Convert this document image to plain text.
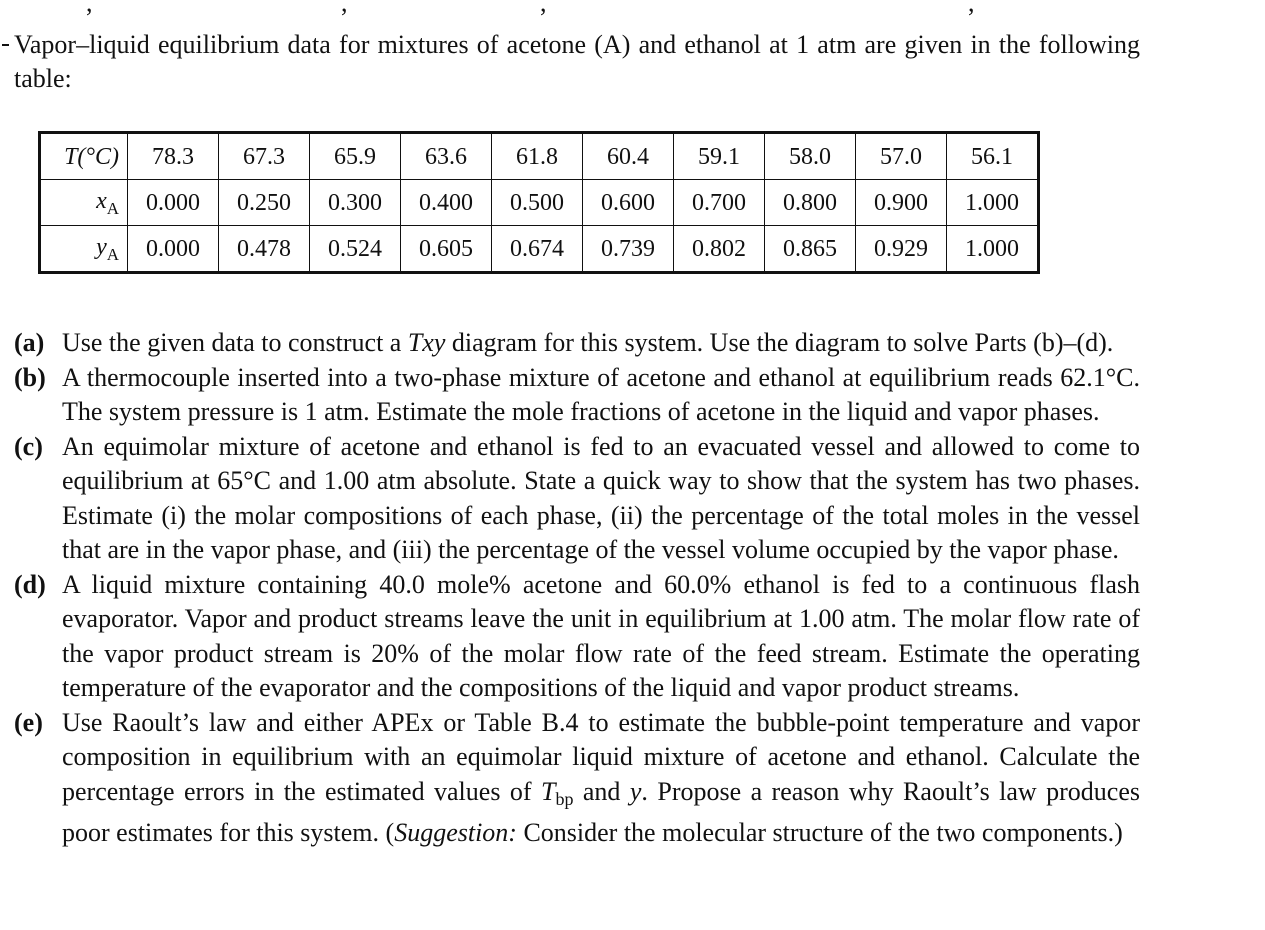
,	,	,	,

Vapor–liquid equilibrium data for mixtures of acetone (A) and ethanol at 1 atm are given in the following table:

T(°C)	78.3	67.3	65.9	63.6	61.8	60.4	59.1	58.0	57.0	56.1
$x_A$	0.000	0.250	0.300	0.400	0.500	0.600	0.700	0.800	0.900	1.000
$y_A$	0.000	0.478	0.524	0.605	0.674	0.739	0.802	0.865	0.929	1.000
(a) Use the given data to construct a Txy diagram for this system. Use the diagram to solve Parts (b)–(d).
(b) A thermocouple inserted into a two-phase mixture of acetone and ethanol at equilibrium reads 62.1°C. The system pressure is 1 atm. Estimate the mole fractions of acetone in the liquid and vapor phases.
(c) An equimolar mixture of acetone and ethanol is fed to an evacuated vessel and allowed to come to equilibrium at 65°C and 1.00 atm absolute. State a quick way to show that the system has two phases. Estimate (i) the molar compositions of each phase, (ii) the percentage of the total moles in the vessel that are in the vapor phase, and (iii) the percentage of the vessel volume occupied by the vapor phase.
(d) A liquid mixture containing 40.0 mole% acetone and 60.0% ethanol is fed to a continuous flash evaporator. Vapor and product streams leave the unit in equilibrium at 1.00 atm. The molar flow rate of the vapor product stream is 20% of the molar flow rate of the feed stream. Estimate the operating temperature of the evaporator and the compositions of the liquid and vapor product streams.
(e) Use Raoult’s law and either APEx or Table B.4 to estimate the bubble-point temperature and vapor composition in equilibrium with an equimolar liquid mixture of acetone and ethanol. Calculate the percentage errors in the estimated values of Tbp and y. Propose a reason why Raoult’s law produces poor estimates for this system. (Suggestion: Consider the molecular structure of the two components.)
